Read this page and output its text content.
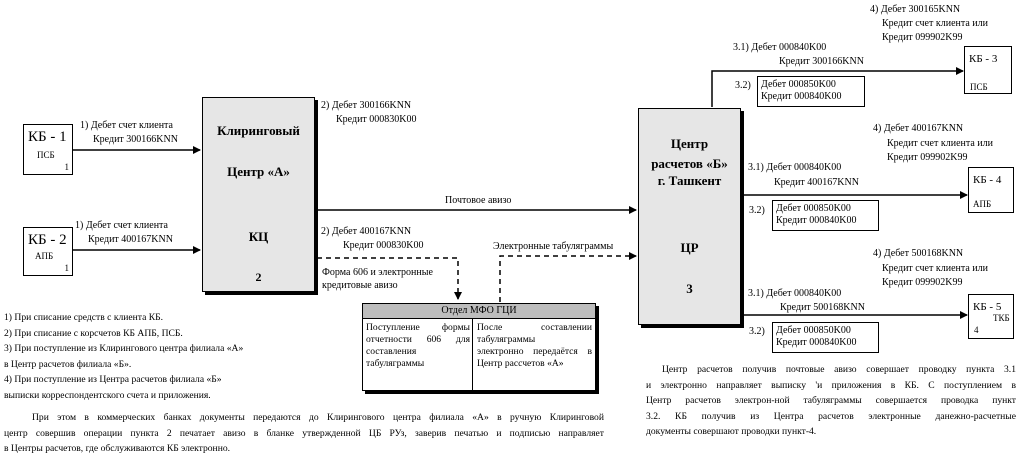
КБ - 1
ПСБ
1
КБ - 2
АПБ
1
КБ - 3
ПСБ
КБ - 4
АПБ
КБ - 5
ТКБ
4
Клиринговый
Центр «А»
КЦ
2
Центр
расчетов «Б»
г. Ташкент
ЦР
3
1) Дебет счет клиента
Кредит 300166KNN
1) Дебет счет клиента
Кредит 400167KNN
2) Дебет 300166KNN
Кредит 000830K00
2) Дебет 400167KNN
Кредит 000830K00
Почтовое авизо
Электронные табуляграммы
Форма 606 и электронные
кредитовые авизо
Отдел МФО ГЦИ
Поступление формы
отчетности 606 для
составления
табуляграммы
После составлении
табуляграммы
электронно передаётся в
Центр рассчетов «А»
4) Дебет 300165KNN
Кредит счет клиента или
Кредит 099902K99
3.1) Дебет 000840K00
Кредит 300166KNN
3.2) Дебет 000850K00
Кредит 000840K00
4) Дебет 400167KNN
Кредит счет клиента или
Кредит 099902K99
3.1) Дебет 000840K00
Кредит 400167KNN
3.2) Дебет 000850K00
Кредит 000840K00
4) Дебет 500168KNN
Кредит счет клиента или
Кредит 099902K99
3.1) Дебет 000840K00
Кредит 500168KNN
3.2) Дебет 000850K00
Кредит 000840K00
1) При списание средств с клиента КБ.
2) При списание с корсчетов КБ АПБ, ПСБ.
3) При поступление из Клирингового центра филиала «А»
в Центр расчетов филиала «Б».
4) При поступление из Центра расчетов филиала «Б»
выписки корреспондентского счета и приложения.
При этом в коммерческих банках документы передаются до Клирингового центра филиала «А» в ручную Клиринговой
центр совершив операции пункта 2 печатает авизо в бланке утвержденной ЦБ РУз, заверив печатью и подписью направляет
в Центры расчетов, где обслуживаются КБ электронно.
Центр расчетов получив почтовые авизо совершает проводку пункта 3.1
и электронно направляет выписку 'и приложения в КБ. С поступлением в
Центр расчетов электрон-ной табуляграммы совершается проводка пункт
3.2. КБ получив из Центра расчетов электронные данежно-расчетные
документы совершают проводки пункт-4.
